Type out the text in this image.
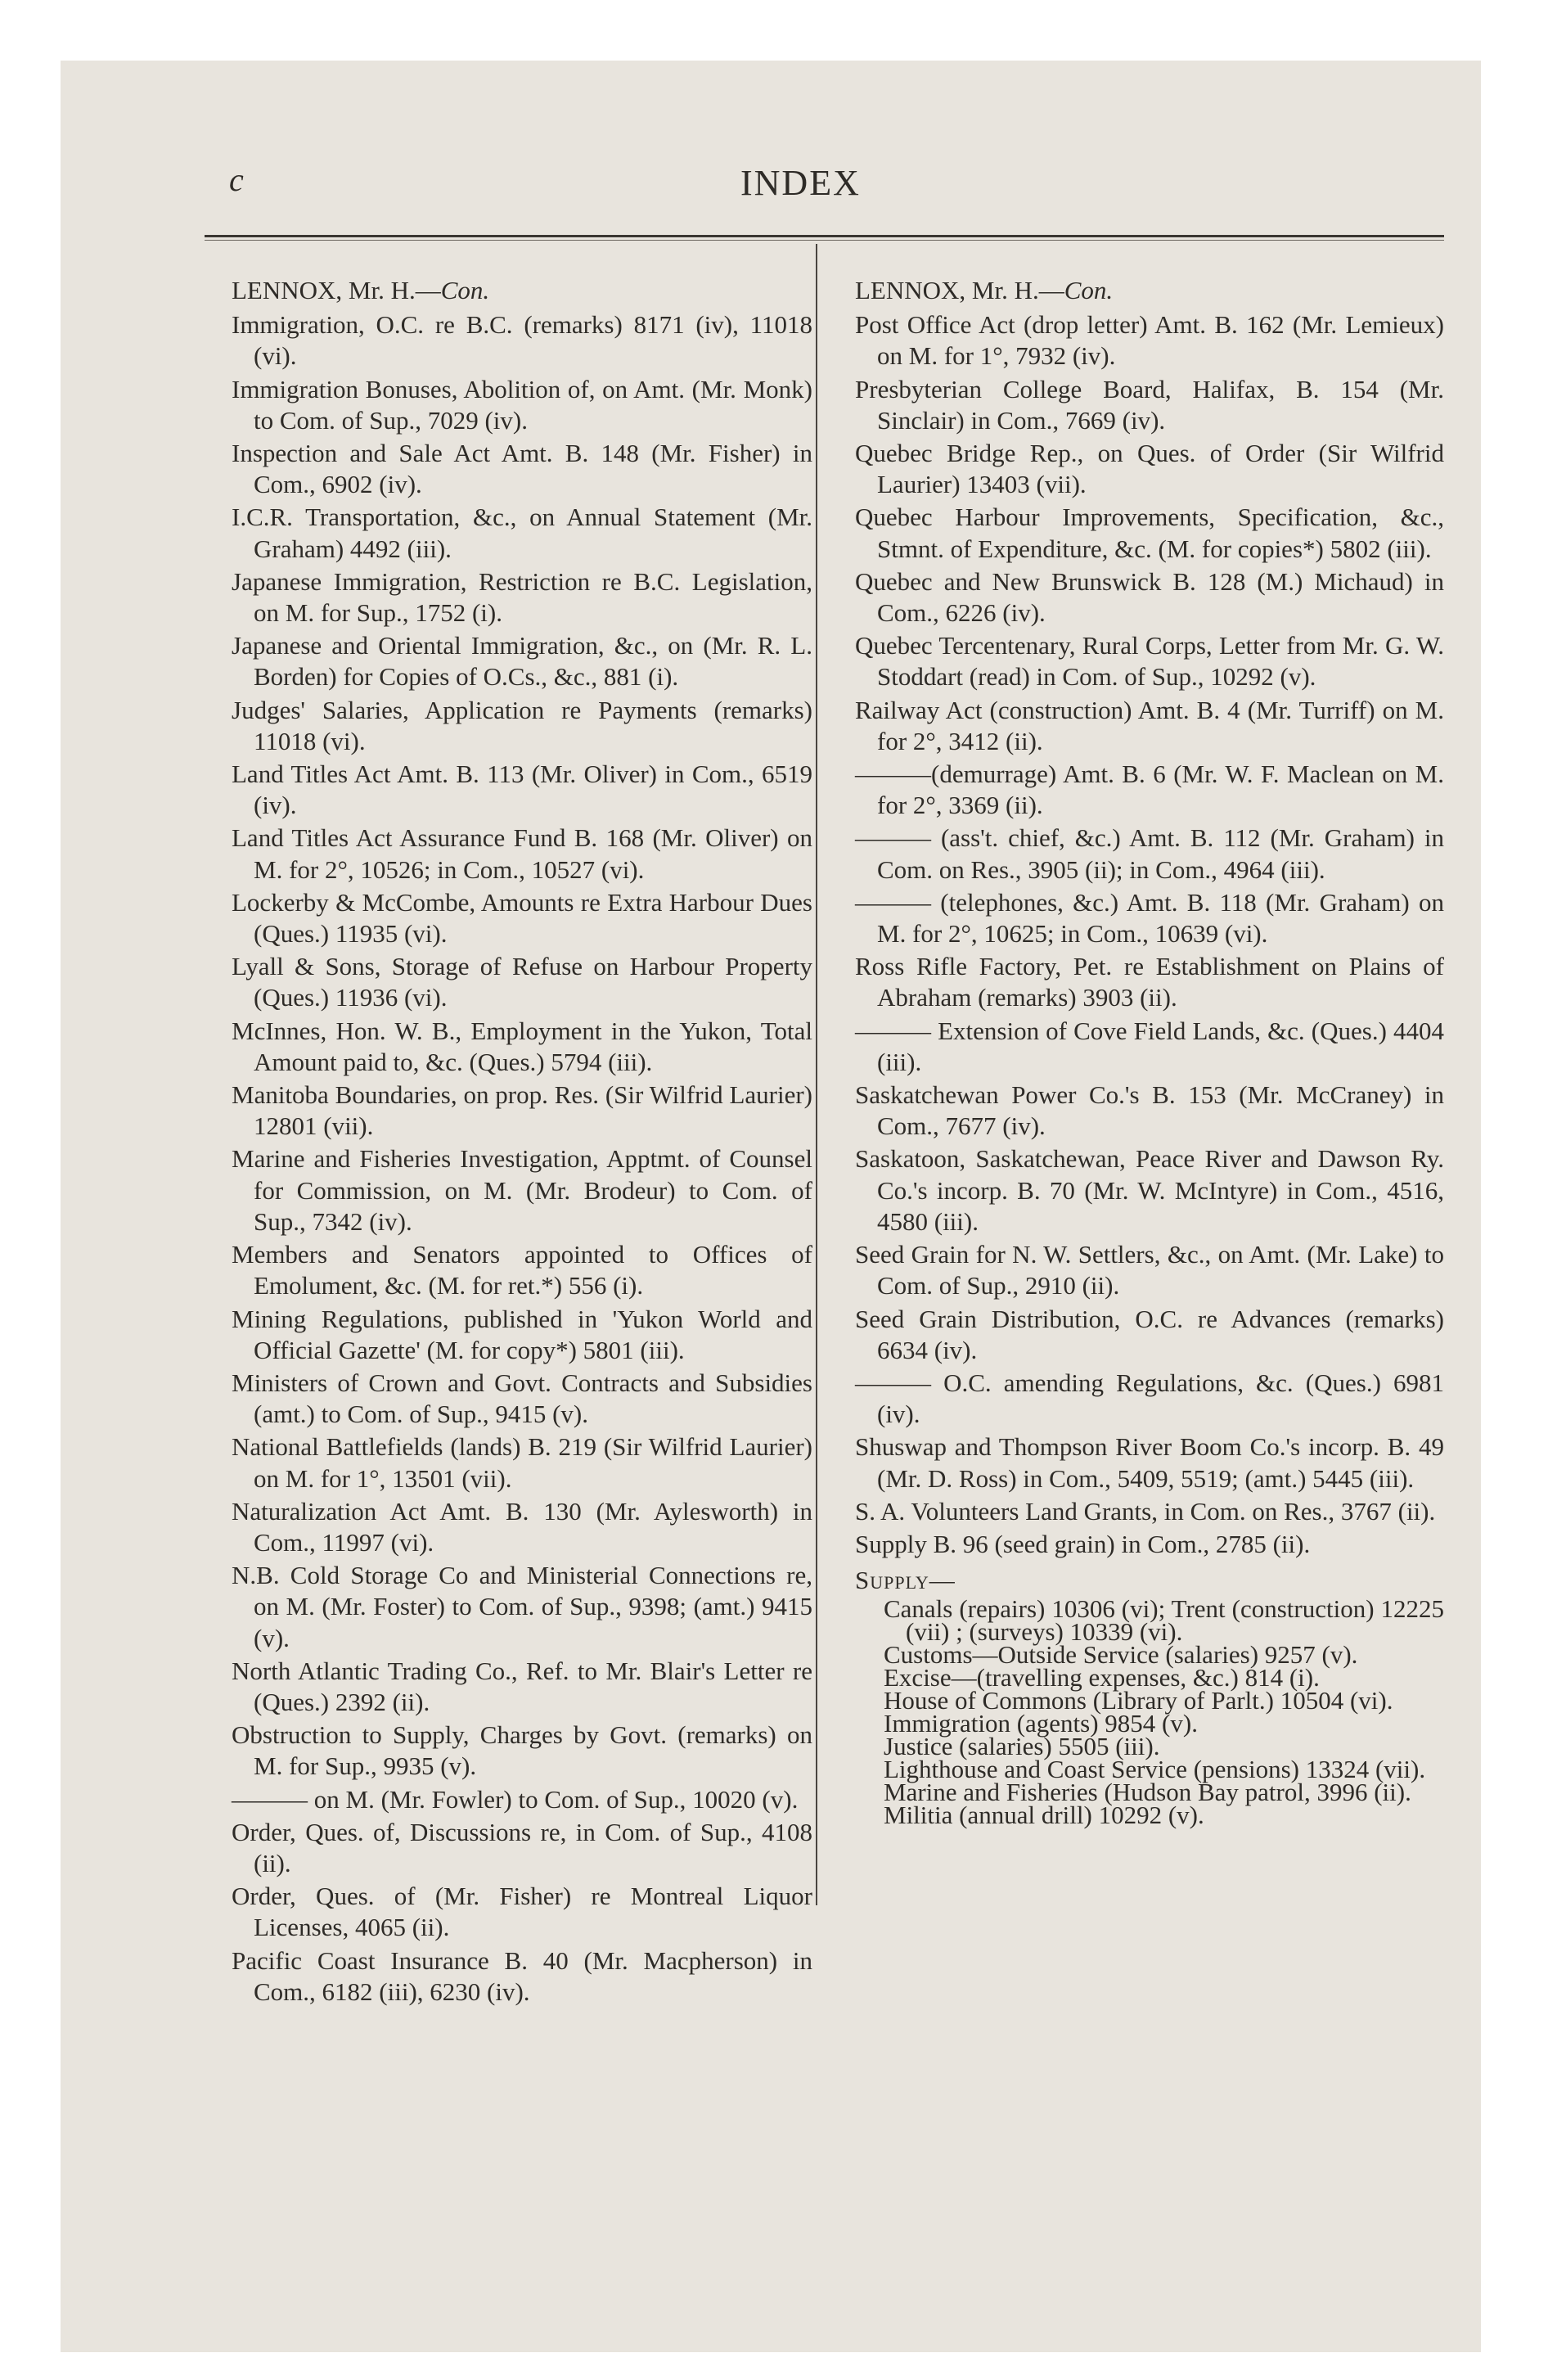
c	INDEX
LENNOX, Mr. H.—Con.

Immigration, O.C. re B.C. (remarks) 8171 (iv), 11018 (vi).

Immigration Bonuses, Abolition of, on Amt. (Mr. Monk) to Com. of Sup., 7029 (iv).

Inspection and Sale Act Amt. B. 148 (Mr. Fisher) in Com., 6902 (iv).

I.C.R. Transportation, &c., on Annual Statement (Mr. Graham) 4492 (iii).

Japanese Immigration, Restriction re B.C. Legislation, on M. for Sup., 1752 (i).

Japanese and Oriental Immigration, &c., on (Mr. R. L. Borden) for Copies of O.Cs., &c., 881 (i).

Judges' Salaries, Application re Payments (remarks) 11018 (vi).

Land Titles Act Amt. B. 113 (Mr. Oliver) in Com., 6519 (iv).

Land Titles Act Assurance Fund B. 168 (Mr. Oliver) on M. for 2°, 10526; in Com., 10527 (vi).

Lockerby & McCombe, Amounts re Extra Harbour Dues (Ques.) 11935 (vi).

Lyall & Sons, Storage of Refuse on Harbour Property (Ques.) 11936 (vi).

McInnes, Hon. W. B., Employment in the Yukon, Total Amount paid to, &c. (Ques.) 5794 (iii).

Manitoba Boundaries, on prop. Res. (Sir Wilfrid Laurier) 12801 (vii).

Marine and Fisheries Investigation, Apptmt. of Counsel for Commission, on M. (Mr. Brodeur) to Com. of Sup., 7342 (iv).

Members and Senators appointed to Offices of Emolument, &c. (M. for ret.*) 556 (i).

Mining Regulations, published in 'Yukon World and Official Gazette' (M. for copy*) 5801 (iii).

Ministers of Crown and Govt. Contracts and Subsidies (amt.) to Com. of Sup., 9415 (v).

National Battlefields (lands) B. 219 (Sir Wilfrid Laurier) on M. for 1°, 13501 (vii).

Naturalization Act Amt. B. 130 (Mr. Aylesworth) in Com., 11997 (vi).

N.B. Cold Storage Co and Ministerial Connections re, on M. (Mr. Foster) to Com. of Sup., 9398; (amt.) 9415 (v).

North Atlantic Trading Co., Ref. to Mr. Blair's Letter re (Ques.) 2392 (ii).

Obstruction to Supply, Charges by Govt. (remarks) on M. for Sup., 9935 (v).

——— on M. (Mr. Fowler) to Com. of Sup., 10020 (v).

Order, Ques. of, Discussions re, in Com. of Sup., 4108 (ii).

Order, Ques. of (Mr. Fisher) re Montreal Liquor Licenses, 4065 (ii).

Pacific Coast Insurance B. 40 (Mr. Macpherson) in Com., 6182 (iii), 6230 (iv).

LENNOX, Mr. H.—Con.

Post Office Act (drop letter) Amt. B. 162 (Mr. Lemieux) on M. for 1°, 7932 (iv).

Presbyterian College Board, Halifax, B. 154 (Mr. Sinclair) in Com., 7669 (iv).

Quebec Bridge Rep., on Ques. of Order (Sir Wilfrid Laurier) 13403 (vii).

Quebec Harbour Improvements, Specification, &c., Stmnt. of Expenditure, &c. (M. for copies*) 5802 (iii).

Quebec and New Brunswick B. 128 (M.) Michaud) in Com., 6226 (iv).

Quebec Tercentenary, Rural Corps, Letter from Mr. G. W. Stoddart (read) in Com. of Sup., 10292 (v).

Railway Act (construction) Amt. B. 4 (Mr. Turriff) on M. for 2°, 3412 (ii).

———(demurrage) Amt. B. 6 (Mr. W. F. Maclean on M. for 2°, 3369 (ii).

——— (ass't. chief, &c.) Amt. B. 112 (Mr. Graham) in Com. on Res., 3905 (ii); in Com., 4964 (iii).

——— (telephones, &c.) Amt. B. 118 (Mr. Graham) on M. for 2°, 10625; in Com., 10639 (vi).

Ross Rifle Factory, Pet. re Establishment on Plains of Abraham (remarks) 3903 (ii).

——— Extension of Cove Field Lands, &c. (Ques.) 4404 (iii).

Saskatchewan Power Co.'s B. 153 (Mr. McCraney) in Com., 7677 (iv).

Saskatoon, Saskatchewan, Peace River and Dawson Ry. Co.'s incorp. B. 70 (Mr. W. McIntyre) in Com., 4516, 4580 (iii).

Seed Grain for N. W. Settlers, &c., on Amt. (Mr. Lake) to Com. of Sup., 2910 (ii).

Seed Grain Distribution, O.C. re Advances (remarks) 6634 (iv).

——— O.C. amending Regulations, &c. (Ques.) 6981 (iv).

Shuswap and Thompson River Boom Co.'s incorp. B. 49 (Mr. D. Ross) in Com., 5409, 5519; (amt.) 5445 (iii).

S. A. Volunteers Land Grants, in Com. on Res., 3767 (ii).

Supply B. 96 (seed grain) in Com., 2785 (ii).

Supply—

Canals (repairs) 10306 (vi); Trent (construction) 12225 (vii) ; (surveys) 10339 (vi).

Customs—Outside Service (salaries) 9257 (v).

Excise—(travelling expenses, &c.) 814 (i).

House of Commons (Library of Parlt.) 10504 (vi).

Immigration (agents) 9854 (v).

Justice (salaries) 5505 (iii).

Lighthouse and Coast Service (pensions) 13324 (vii).

Marine and Fisheries (Hudson Bay patrol, 3996 (ii).

Militia (annual drill) 10292 (v).
